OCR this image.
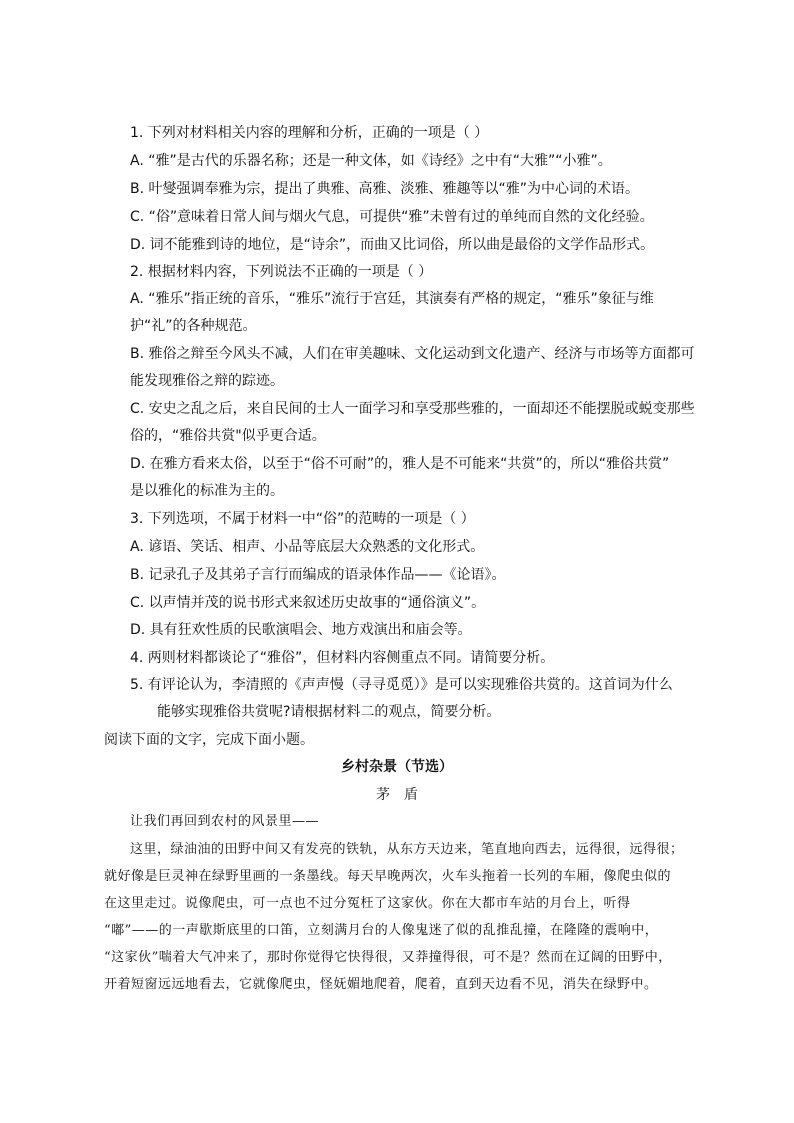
1. 下列对材料相关内容的理解和分析，正确的一项是（ ）
A. “雅”是古代的乐器名称；还是一种文体，如《诗经》之中有“大雅”“小雅”。
B. 叶燮强调奉雅为宗，提出了典雅、高雅、淡雅、雅趣等以“雅”为中心词的术语。
C. “俗”意味着日常人间与烟火气息，可提供“雅”未曾有过的单纯而自然的文化经验。
D. 词不能雅到诗的地位，是“诗余”，而曲又比词俗，所以曲是最俗的文学作品形式。
2. 根据材料内容，下列说法不正确的一项是（ ）
A. “雅乐”指正统的音乐，“雅乐”流行于宫廷，其演奏有严格的规定，“雅乐”象征与维
护“礼”的各种规范。
B. 雅俗之辩至今风头不减，人们在审美趣味、文化运动到文化遗产、经济与市场等方面都可
能发现雅俗之辩的踪迹。
C. 安史之乱之后，来自民间的士人一面学习和享受那些雅的，一面却还不能摆脱或蜕变那些
俗的，“雅俗共赏"似乎更合适。
D. 在雅方看来太俗，以至于“俗不可耐”的，雅人是不可能来“共赏”的，所以“雅俗共赏”
是以雅化的标准为主的。
3. 下列选项，不属于材料一中“俗”的范畴的一项是（ ）
A. 谚语、笑话、相声、小品等底层大众熟悉的文化形式。
B. 记录孔子及其弟子言行而编成的语录体作品——《论语》。
C. 以声情并茂的说书形式来叙述历史故事的“通俗演义”。
D. 具有狂欢性质的民歌演唱会、地方戏演出和庙会等。
4. 两则材料都谈论了“雅俗”，但材料内容侧重点不同。请简要分析。
5. 有评论认为，李清照的《声声慢（寻寻觅觅）》是可以实现雅俗共赏的。这首词为什么
能够实现雅俗共赏呢?请根据材料二的观点，简要分析。
阅读下面的文字，完成下面小题。
乡村杂景（节选）
茅　盾
让我们再回到农村的风景里——
这里，绿油油的田野中间又有发亮的铁轨，从东方天边来，笔直地向西去，远得很，远得很；
就好像是巨灵神在绿野里画的一条墨线。每天早晚两次，火车头拖着一长列的车厢，像爬虫似的
在这里走过。说像爬虫，可一点也不过分冤枉了这家伙。你在大都市车站的月台上，听得
“嘟”——的一声歇斯底里的口笛，立刻满月台的人像鬼迷了似的乱推乱撞，在隆隆的震响中，
“这家伙”喘着大气冲来了，那时你觉得它快得很，又莽撞得很，可不是？然而在辽阔的田野中，
开着短窗远远地看去，它就像爬虫，怪妩媚地爬着，爬着，直到天边看不见，消失在绿野中。
